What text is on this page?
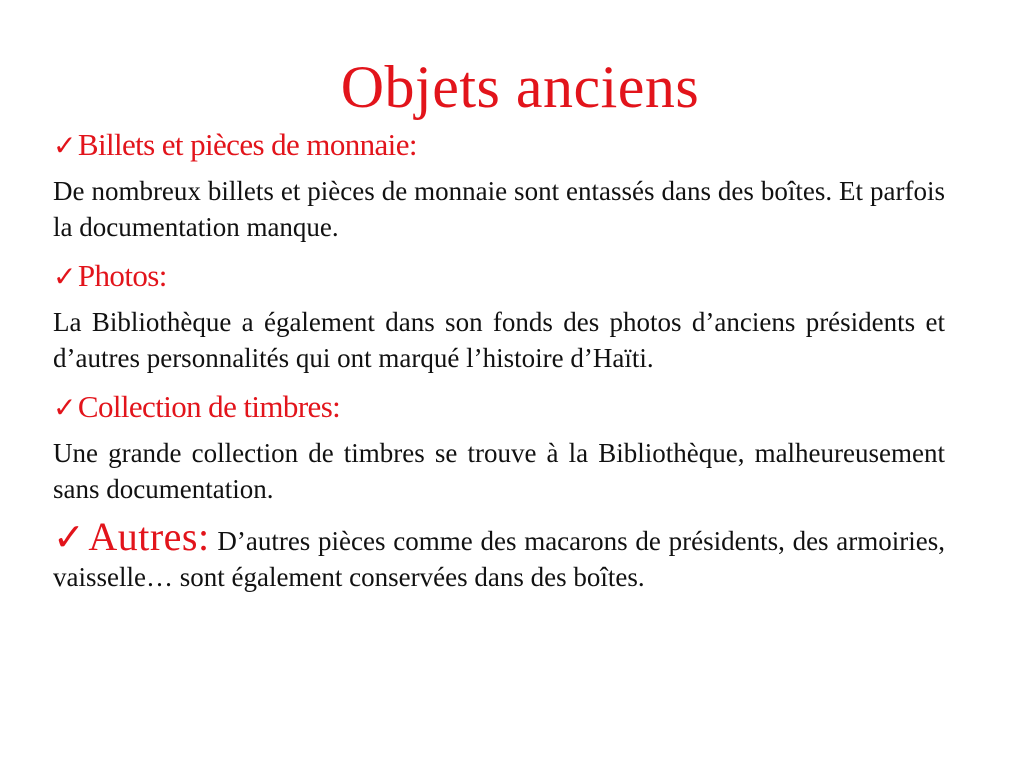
Objets anciens
✓ Billets et pièces de monnaie:

De nombreux billets et pièces de monnaie sont entassés dans des boîtes. Et parfois la documentation manque.

✓ Photos:

La Bibliothèque a également dans son fonds des photos d’anciens présidents et d’autres personnalités qui ont marqué l’histoire d’Haïti.

✓ Collection de timbres:

Une grande collection de timbres se trouve à la Bibliothèque, malheureusement sans documentation.

✓Autres: D’autres pièces comme des macarons de présidents, des armoiries, vaisselle… sont également conservées dans des boîtes.
